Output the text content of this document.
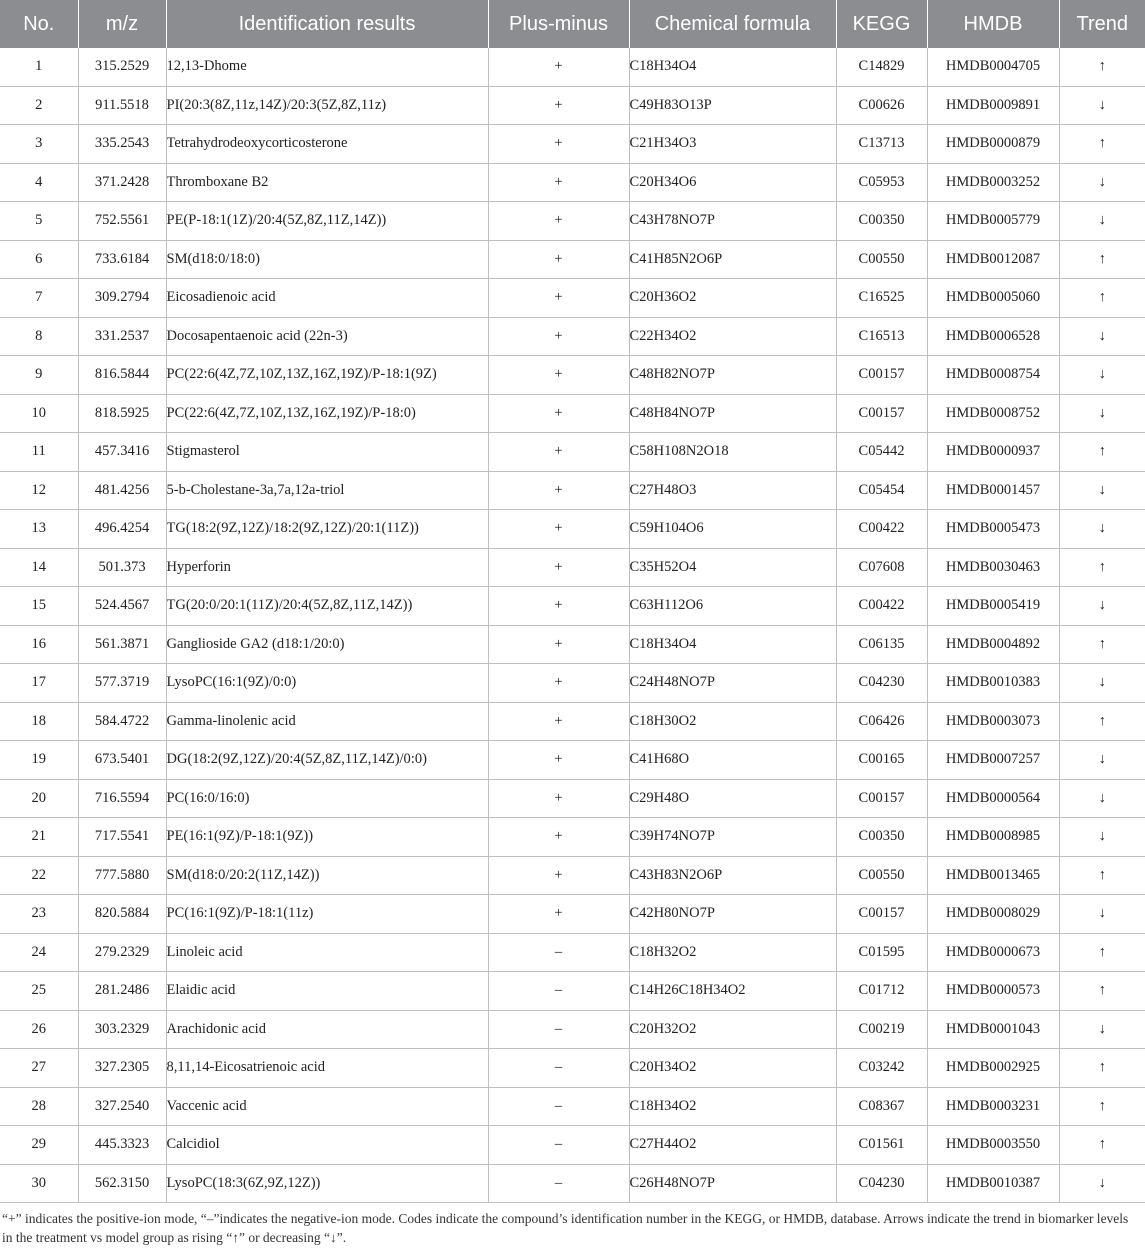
No.	m/z	Identification results	Plus-minus	Chemical formula	KEGG	HMDB	Trend
1	315.2529	12,13-Dhome	+	C18H34O4	C14829	HMDB0004705	↑
2	911.5518	PI(20:3(8Z,11z,14Z)/20:3(5Z,8Z,11z)	+	C49H83O13P	C00626	HMDB0009891	↓
3	335.2543	Tetrahydrodeoxycorticosterone	+	C21H34O3	C13713	HMDB0000879	↑
4	371.2428	Thromboxane B2	+	C20H34O6	C05953	HMDB0003252	↓
5	752.5561	PE(P-18:1(1Z)/20:4(5Z,8Z,11Z,14Z))	+	C43H78NO7P	C00350	HMDB0005779	↓
6	733.6184	SM(d18:0/18:0)	+	C41H85N2O6P	C00550	HMDB0012087	↑
7	309.2794	Eicosadienoic acid	+	C20H36O2	C16525	HMDB0005060	↑
8	331.2537	Docosapentaenoic acid (22n-3)	+	C22H34O2	C16513	HMDB0006528	↓
9	816.5844	PC(22:6(4Z,7Z,10Z,13Z,16Z,19Z)/P-18:1(9Z)	+	C48H82NO7P	C00157	HMDB0008754	↓
10	818.5925	PC(22:6(4Z,7Z,10Z,13Z,16Z,19Z)/P-18:0)	+	C48H84NO7P	C00157	HMDB0008752	↓
11	457.3416	Stigmasterol	+	C58H108N2O18	C05442	HMDB0000937	↑
12	481.4256	5-b-Cholestane-3a,7a,12a-triol	+	C27H48O3	C05454	HMDB0001457	↓
13	496.4254	TG(18:2(9Z,12Z)/18:2(9Z,12Z)/20:1(11Z))	+	C59H104O6	C00422	HMDB0005473	↓
14	501.373	Hyperforin	+	C35H52O4	C07608	HMDB0030463	↑
15	524.4567	TG(20:0/20:1(11Z)/20:4(5Z,8Z,11Z,14Z))	+	C63H112O6	C00422	HMDB0005419	↓
16	561.3871	Ganglioside GA2 (d18:1/20:0)	+	C18H34O4	C06135	HMDB0004892	↑
17	577.3719	LysoPC(16:1(9Z)/0:0)	+	C24H48NO7P	C04230	HMDB0010383	↓
18	584.4722	Gamma-linolenic acid	+	C18H30O2	C06426	HMDB0003073	↑
19	673.5401	DG(18:2(9Z,12Z)/20:4(5Z,8Z,11Z,14Z)/0:0)	+	C41H68O	C00165	HMDB0007257	↓
20	716.5594	PC(16:0/16:0)	+	C29H48O	C00157	HMDB0000564	↓
21	717.5541	PE(16:1(9Z)/P-18:1(9Z))	+	C39H74NO7P	C00350	HMDB0008985	↓
22	777.5880	SM(d18:0/20:2(11Z,14Z))	+	C43H83N2O6P	C00550	HMDB0013465	↑
23	820.5884	PC(16:1(9Z)/P-18:1(11z)	+	C42H80NO7P	C00157	HMDB0008029	↓
24	279.2329	Linoleic acid	–	C18H32O2	C01595	HMDB0000673	↑
25	281.2486	Elaidic acid	–	C14H26C18H34O2	C01712	HMDB0000573	↑
26	303.2329	Arachidonic acid	–	C20H32O2	C00219	HMDB0001043	↓
27	327.2305	8,11,14-Eicosatrienoic acid	–	C20H34O2	C03242	HMDB0002925	↑
28	327.2540	Vaccenic acid	–	C18H34O2	C08367	HMDB0003231	↑
29	445.3323	Calcidiol	–	C27H44O2	C01561	HMDB0003550	↑
30	562.3150	LysoPC(18:3(6Z,9Z,12Z))	–	C26H48NO7P	C04230	HMDB0010387	↓
“+” indicates the positive-ion mode, “–”indicates the negative-ion mode. Codes indicate the compound’s identification number in the KEGG, or HMDB, database. Arrows indicate the trend in biomarker levels in the treatment vs model group as rising “↑” or decreasing “↓”.
